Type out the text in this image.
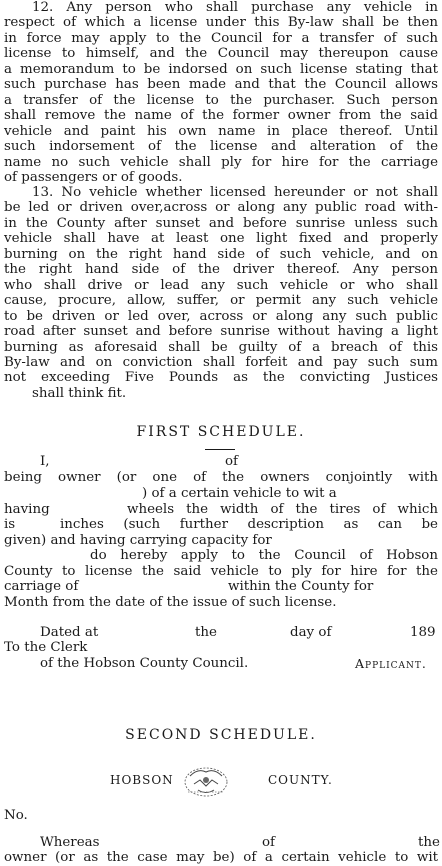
12. Any person who shall purchase any vehicle in
respect of which a license under this By-law shall be then
in force may apply to the Council for a transfer of such
license to himself, and the Council may thereupon cause
a memorandum to be indorsed on such license stating that
such purchase has been made and that the Council allows
a transfer of the license to the purchaser. Such person
shall remove the name of the former owner from the said
vehicle and paint his own name in place thereof. Until
such indorsement of the license and alteration of the
name no such vehicle shall ply for hire for the carriage
of passengers or of goods.
13. No vehicle whether licensed hereunder or not shall
be led or driven over,across or along any public road with-
in the County after sunset and before sunrise unless such
vehicle shall have at least one light fixed and properly
burning on the right hand side of such vehicle, and on
the right hand side of the driver thereof. Any person
who shall drive or lead any such vehicle or who shall
cause, procure, allow, suffer, or permit any such vehicle
to be driven or led over, across or along any such public
road after sunset and before sunrise without having a light
burning as aforesaid shall be guilty of a breach of this
By-law and on conviction shall forfeit and pay such sum
not exceeding Five Pounds as the convicting Justices
shall think fit.
FIRST SCHEDULE.
I,	of
being owner (or one of the owners conjointly with
) of a certain vehicle to wit a
having	wheels the width of the tires of which
is	inches (such further description as can be
given) and having carrying capacity for
do hereby apply to the Council of Hobson
County to license the said vehicle to ply for hire for the
carriage of	within the County for
Month from the date of the issue of such license.
Dated at	the	day of	189
To the Clerk
of the Hobson County Council.	Applicant.
SECOND SCHEDULE.
HOBSON	COUNTY.
No.
Whereas	of	the
owner (or as the case may be) of a certain vehicle to wit
